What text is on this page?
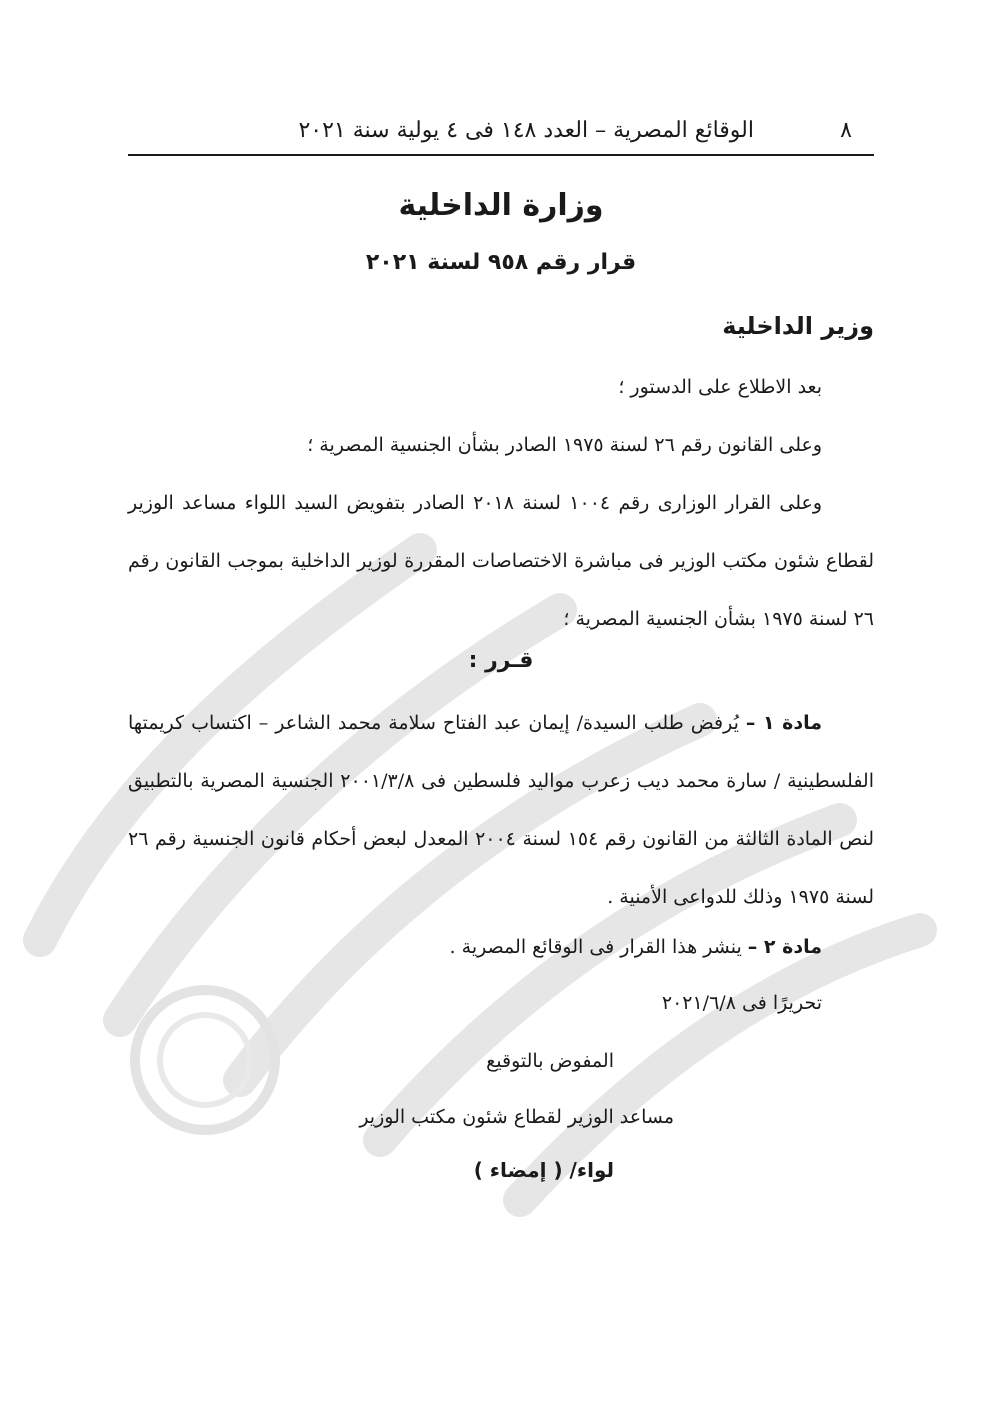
٨
الوقائع المصرية – العدد ١٤٨ فى ٤ يولية سنة ٢٠٢١
وزارة الداخلية
قرار رقم ٩٥٨ لسنة ٢٠٢١
وزير الداخلية
بعد الاطلاع على الدستور ؛
وعلى القانون رقم ٢٦ لسنة ١٩٧٥ الصادر بشأن الجنسية المصرية ؛
وعلى القرار الوزارى رقم ١٠٠٤ لسنة ٢٠١٨ الصادر بتفويض السيد اللواء مساعد الوزير لقطاع شئون مكتب الوزير فى مباشرة الاختصاصات المقررة لوزير الداخلية بموجب القانون رقم ٢٦ لسنة ١٩٧٥ بشأن الجنسية المصرية ؛
قـرر :
مادة ١ – يُرفض طلب السيدة/ إيمان عبد الفتاح سلامة محمد الشاعر – اكتساب كريمتها الفلسطينية / سارة محمد ديب زعرب مواليد فلسطين فى ٢٠٠١/٣/٨ الجنسية المصرية بالتطبيق لنص المادة الثالثة من القانون رقم ١٥٤ لسنة ٢٠٠٤ المعدل لبعض أحكام قانون الجنسية رقم ٢٦ لسنة ١٩٧٥ وذلك للدواعى الأمنية .
مادة ٢ – ينشر هذا القرار فى الوقائع المصرية .
تحريرًا فى ٢٠٢١/٦/٨
المفوض بالتوقيع
مساعد الوزير لقطاع شئون مكتب الوزير
لواء/ ( إمضاء )
